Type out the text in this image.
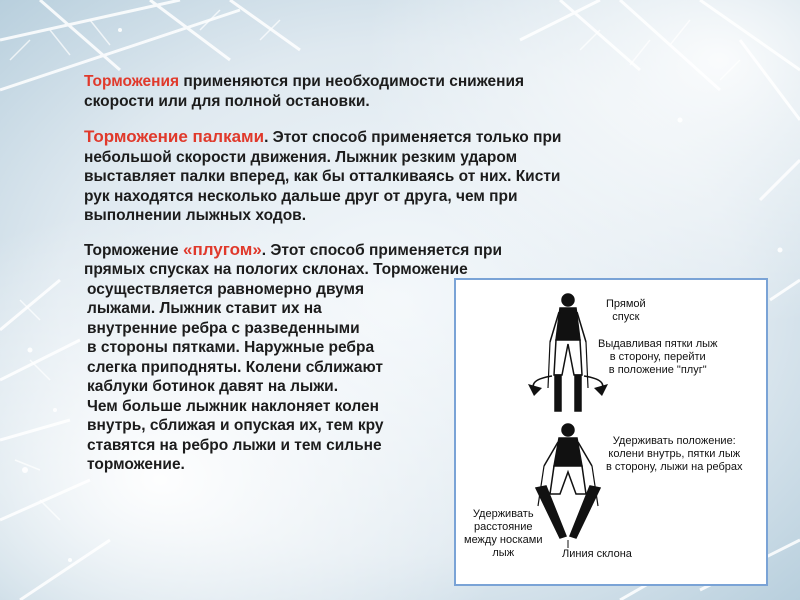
Торможения применяются при необходимости снижения
скорости или для полной остановки.

Торможение палками. Этот способ применяется только при
небольшой скорости движения. Лыжник резким ударом
выставляет палки вперед, как бы отталкиваясь от них. Кисти
рук находятся несколько дальше друг от друга, чем при
выполнении лыжных ходов.

Торможение «плугом». Этот способ применяется при
прямых спусках на пологих склонах. Торможение
осуществляется равномерно двумя
лыжами. Лыжник ставит их на
внутренние ребра с разведенными
в стороны пятками. Наружные ребра
слегка приподняты. Колени сближают
каблуки ботинок давят на лыжи.
Чем больше лыжник наклоняет колен
внутрь, сближая и опуская их, тем кру
ставятся на ребро лыжи и тем сильне
торможение.

Прямой
спуск
Выдавливая пятки лыж
в сторону, перейти
в положение "плуг"
Удерживать положение:
колени внутрь, пятки лыж
в сторону, лыжи на ребрах
Удерживать
расстояние
между носками
лыж	Линия склона
